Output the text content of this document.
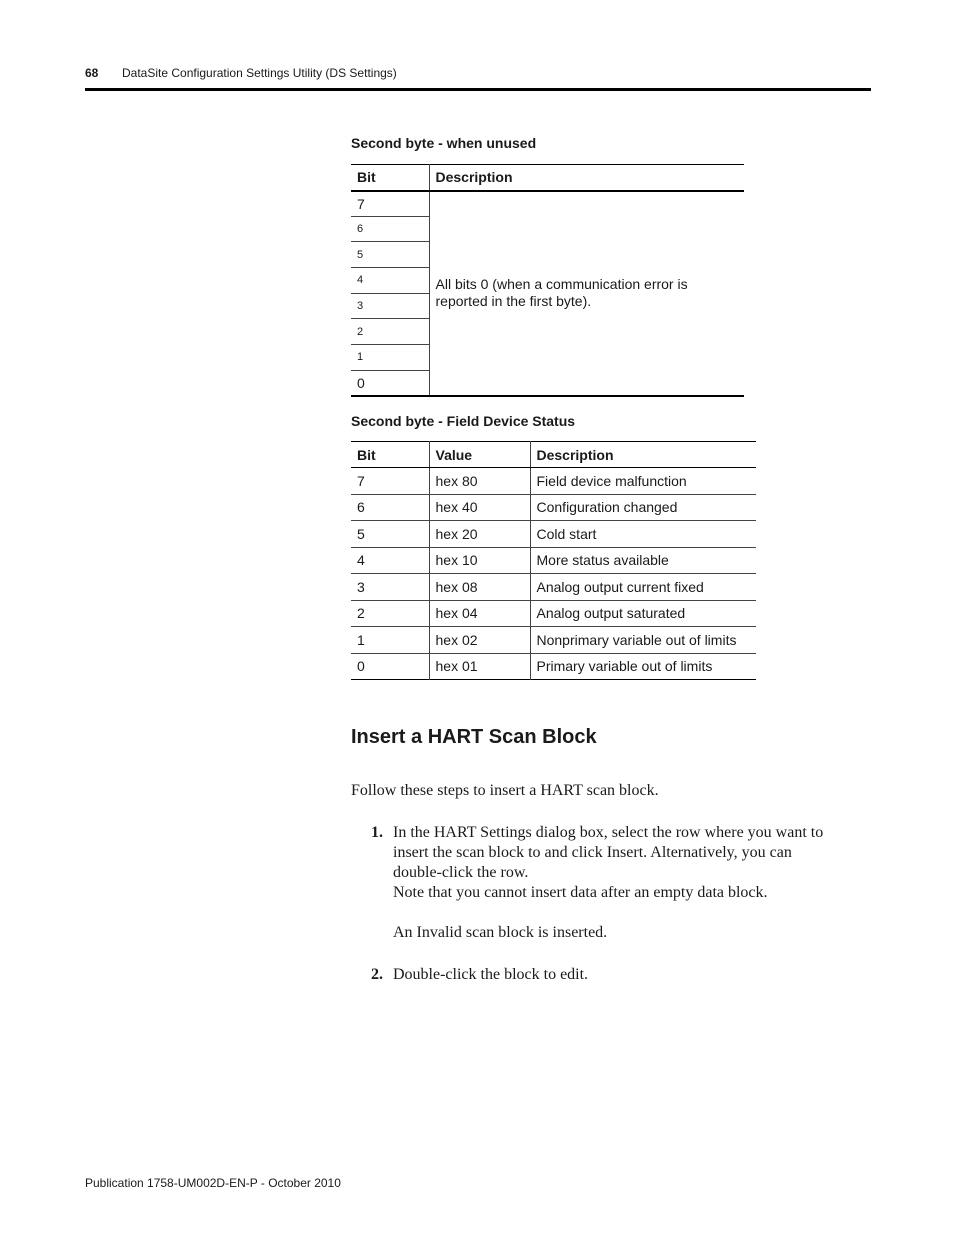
68 DataSite Configuration Settings Utility (DS Settings)
Second byte - when unused
Bit	Description
7	All bits 0 (when a communication error is reported in the first byte).
6	
5	
4	
3	
2	
1	
0	
Second byte - Field Device Status
Bit	Value	Description
7	hex 80	Field device malfunction
6	hex 40	Configuration changed
5	hex 20	Cold start
4	hex 10	More status available
3	hex 08	Analog output current fixed
2	hex 04	Analog output saturated
1	hex 02	Nonprimary variable out of limits
0	hex 01	Primary variable out of limits
Insert a HART Scan Block

Follow these steps to insert a HART scan block.

1. In the HART Settings dialog box, select the row where you want to
insert the scan block to and click Insert. Alternatively, you can
double-click the row.
Note that you cannot insert data after an empty data block.

An Invalid scan block is inserted.

2. Double-click the block to edit.
Publication 1758-UM002D-EN-P - October 2010
